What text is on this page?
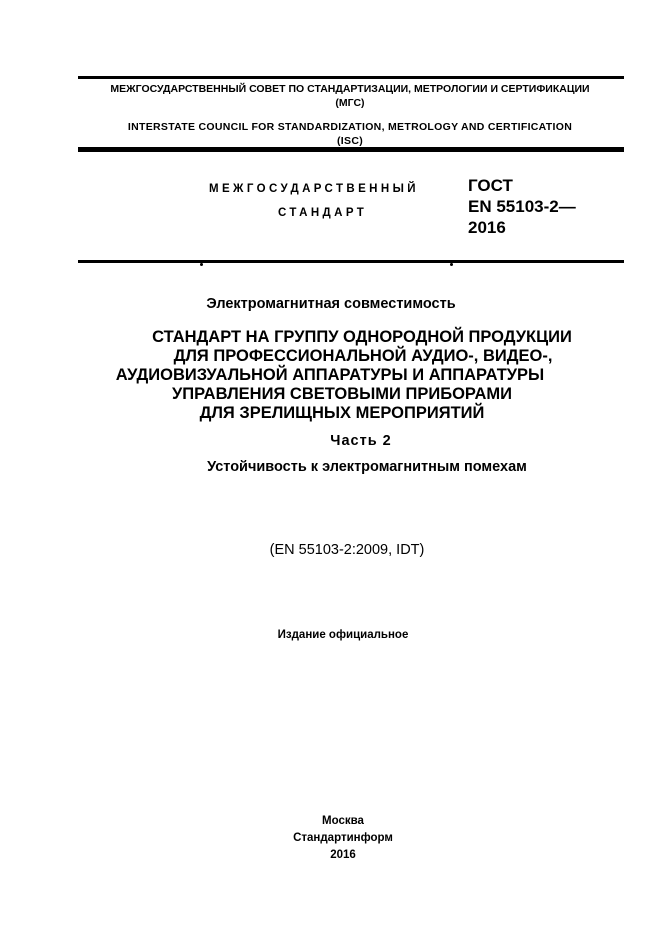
МЕЖГОСУДАРСТВЕННЫЙ СОВЕТ ПО СТАНДАРТИЗАЦИИ, МЕТРОЛОГИИ И СЕРТИФИКАЦИИ
(МГС)
INTERSTATE COUNCIL FOR STANDARDIZATION, METROLOGY AND CERTIFICATION
(ISC)
МЕЖГОСУДАРСТВЕННЫЙ
СТАНДАРТ
ГОСТ
EN 55103-2—
2016
Электромагнитная совместимость
СТАНДАРТ НА ГРУППУ ОДНОРОДНОЙ ПРОДУКЦИИ
ДЛЯ ПРОФЕССИОНАЛЬНОЙ АУДИО-, ВИДЕО-,
АУДИОВИЗУАЛЬНОЙ АППАРАТУРЫ И АППАРАТУРЫ
УПРАВЛЕНИЯ СВЕТОВЫМИ ПРИБОРАМИ
ДЛЯ ЗРЕЛИЩНЫХ МЕРОПРИЯТИЙ
Часть 2
Устойчивость к электромагнитным помехам
(EN 55103-2:2009, IDT)
Издание официальное
Москва
Стандартинформ
2016
